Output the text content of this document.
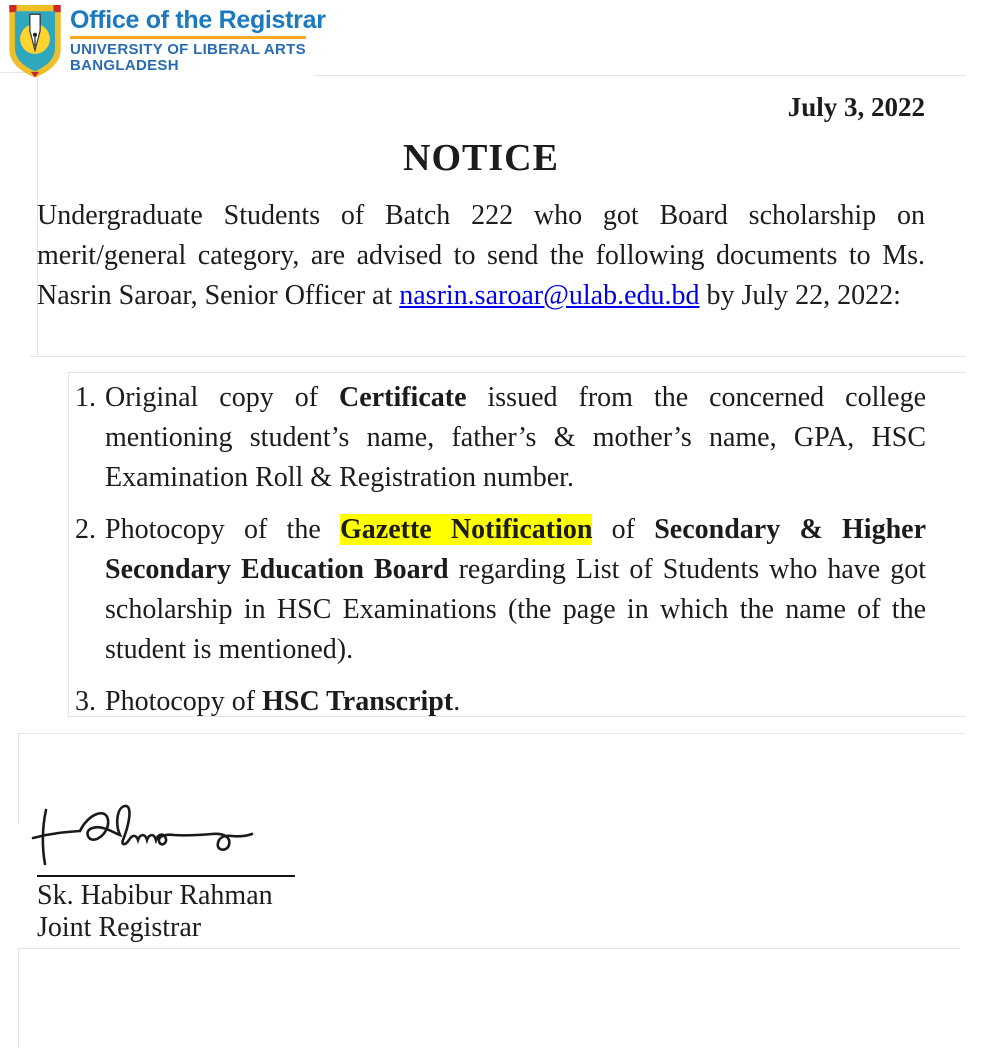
Office of the Registrar
UNIVERSITY OF LIBERAL ARTS
BANGLADESH
July 3, 2022
NOTICE

Undergraduate Students of Batch 222 who got Board scholarship on merit/general category, are advised to send the following documents to Ms. Nasrin Saroar, Senior Officer at nasrin.saroar@ulab.edu.bd by July 22, 2022:

1. Original copy of Certificate issued from the concerned college mentioning student’s name, father’s & mother’s name, GPA, HSC Examination Roll & Registration number.
2. Photocopy of the Gazette Notification of Secondary & Higher Secondary Education Board regarding List of Students who have got scholarship in HSC Examinations (the page in which the name of the student is mentioned).
3. Photocopy of HSC Transcript.
Sk. Habibur Rahman
Joint Registrar
